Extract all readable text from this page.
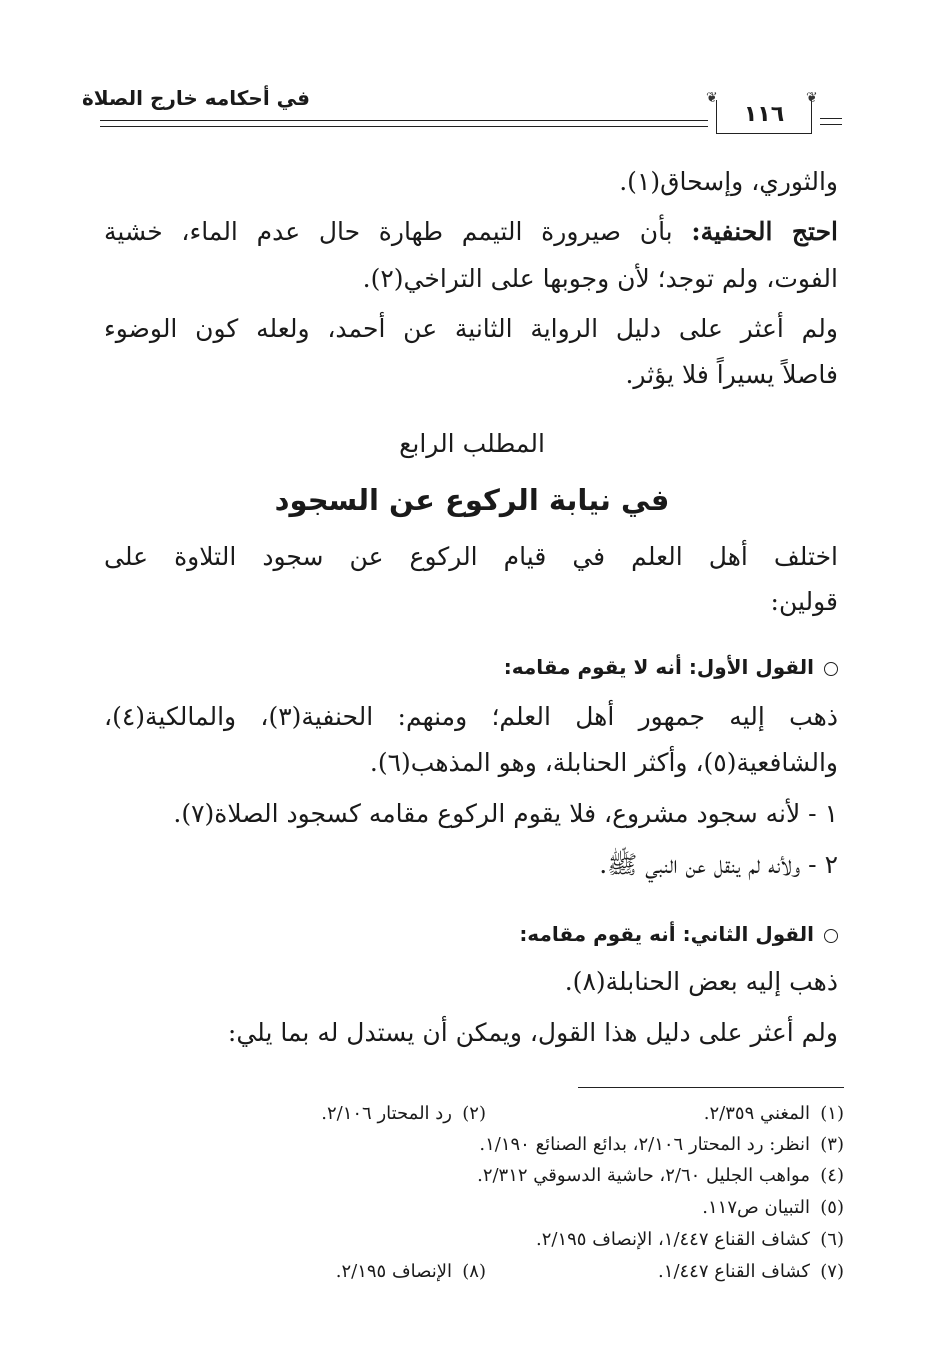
في أحكامه خارج الصلاة
١١٦
❦	❦
والثوري، وإسحاق(١).
احتج الحنفية: بأن صيرورة التيمم طهارة حال عدم الماء، خشية
الفوت، ولم توجد؛ لأن وجوبها على التراخي(٢).
ولم أعثر على دليل الرواية الثانية عن أحمد، ولعله كون الوضوء
فاصلاً يسيراً فلا يؤثر.
المطلب الرابع
في نيابة الركوع عن السجود
اختلف أهل العلم في قيام الركوع عن سجود التلاوة على
قولين:
القول الأول: أنه لا يقوم مقامه:
ذهب إليه جمهور أهل العلم؛ ومنهم: الحنفية(٣)، والمالكية(٤)،
والشافعية(٥)، وأكثر الحنابلة، وهو المذهب(٦).
١ - لأنه سجود مشروع، فلا يقوم الركوع مقامه كسجود الصلاة(٧).
٢ - ولأنه لم ينقل عن النبي ﷺ.
القول الثاني: أنه يقوم مقامه:
ذهب إليه بعض الحنابلة(٨).
ولم أعثر على دليل هذا القول، ويمكن أن يستدل له بما يلي:
(١)المغني ٢/٣٥٩.
(٢)رد المحتار ٢/١٠٦.
(٣)انظر: رد المحتار ٢/١٠٦، بدائع الصنائع ١/١٩٠.
(٤)مواهب الجليل ٢/٦٠، حاشية الدسوقي ٢/٣١٢.
(٥)التبيان ص١١٧.
(٦)كشاف القناع ١/٤٤٧، الإنصاف ٢/١٩٥.
(٧)كشاف القناع ١/٤٤٧.
(٨)الإنصاف ٢/١٩٥.
